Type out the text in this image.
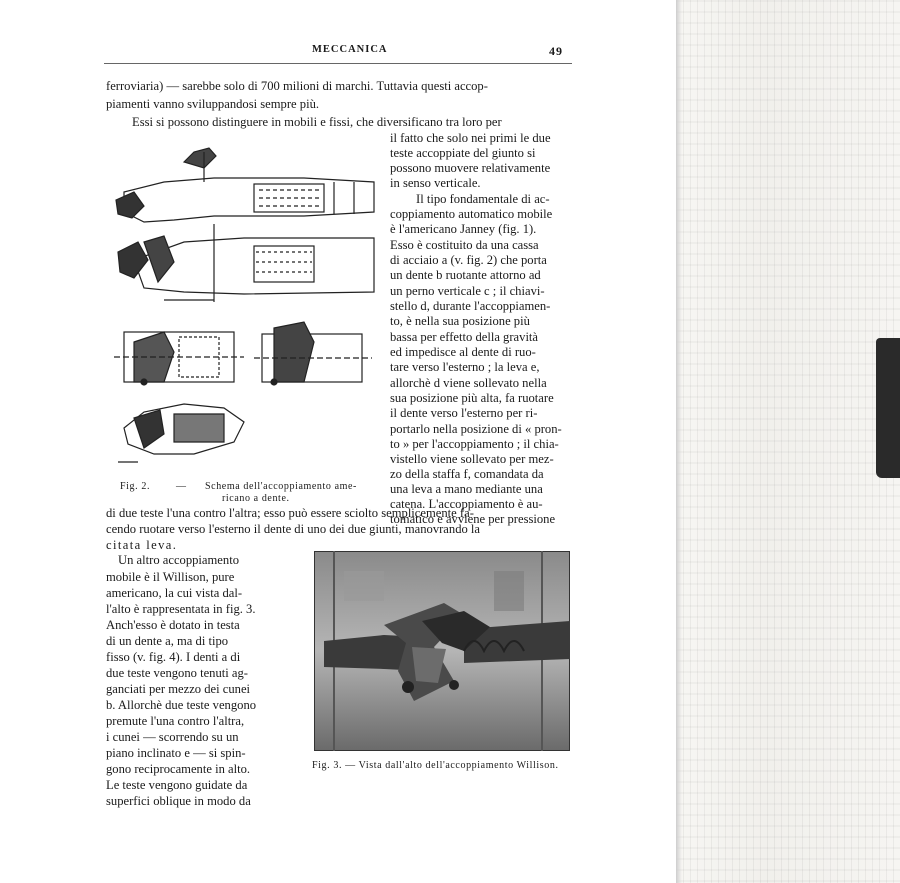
MECCANICA	49
ferroviaria) — sarebbe solo di 700 milioni di marchi. Tuttavia questi accop-
piamenti vanno sviluppandosi sempre più.
Essi si possono distinguere in mobili e fissi, che diversificano tra loro per
il fatto che solo nei primi le due
teste accoppiate del giunto si
possono muovere relativamente
in senso verticale.
Il tipo fondamentale di ac-
coppiamento automatico mobile
è l'americano Janney (fig. 1).
Esso è costituito da una cassa
di acciaio a (v. fig. 2) che porta
un dente b ruotante attorno ad
un perno verticale c ; il chiavi-
stello d, durante l'accoppiamen-
to, è nella sua posizione più
bassa per effetto della gravità
ed impedisce al dente di ruo-
tare verso l'esterno ; la leva e,
allorchè d viene sollevato nella
sua posizione più alta, fa ruotare
il dente verso l'esterno per ri-
portarlo nella posizione di « pron-
to » per l'accoppiamento ; il chia-
vistello viene sollevato per mez-
zo della staffa f, comandata da
una leva a mano mediante una
catena. L'accoppiamento è au-
tomatico e avviene per pressione
Fig. 2.	— Schema dell'accoppiamento ame-
ricano a dente.
di due teste l'una contro l'altra; esso può essere sciolto semplicemente fa-
cendo ruotare verso l'esterno il dente di uno dei due giunti, manovrando la
citata leva.
Un altro accoppiamento
mobile è il Willison, pure
americano, la cui vista dal-
l'alto è rappresentata in fig. 3.
Anch'esso è dotato in testa
di un dente a, ma di tipo
fisso (v. fig. 4). I denti a di
due teste vengono tenuti ag-
ganciati per mezzo dei cunei
b. Allorchè due teste vengono
premute l'una contro l'altra,
i cunei — scorrendo su un
piano inclinato e — si spin-
gono reciprocamente in alto.
Le teste vengono guidate da
superfici oblique in modo da
Fig. 3. — Vista dall'alto dell'accoppiamento Willison.
